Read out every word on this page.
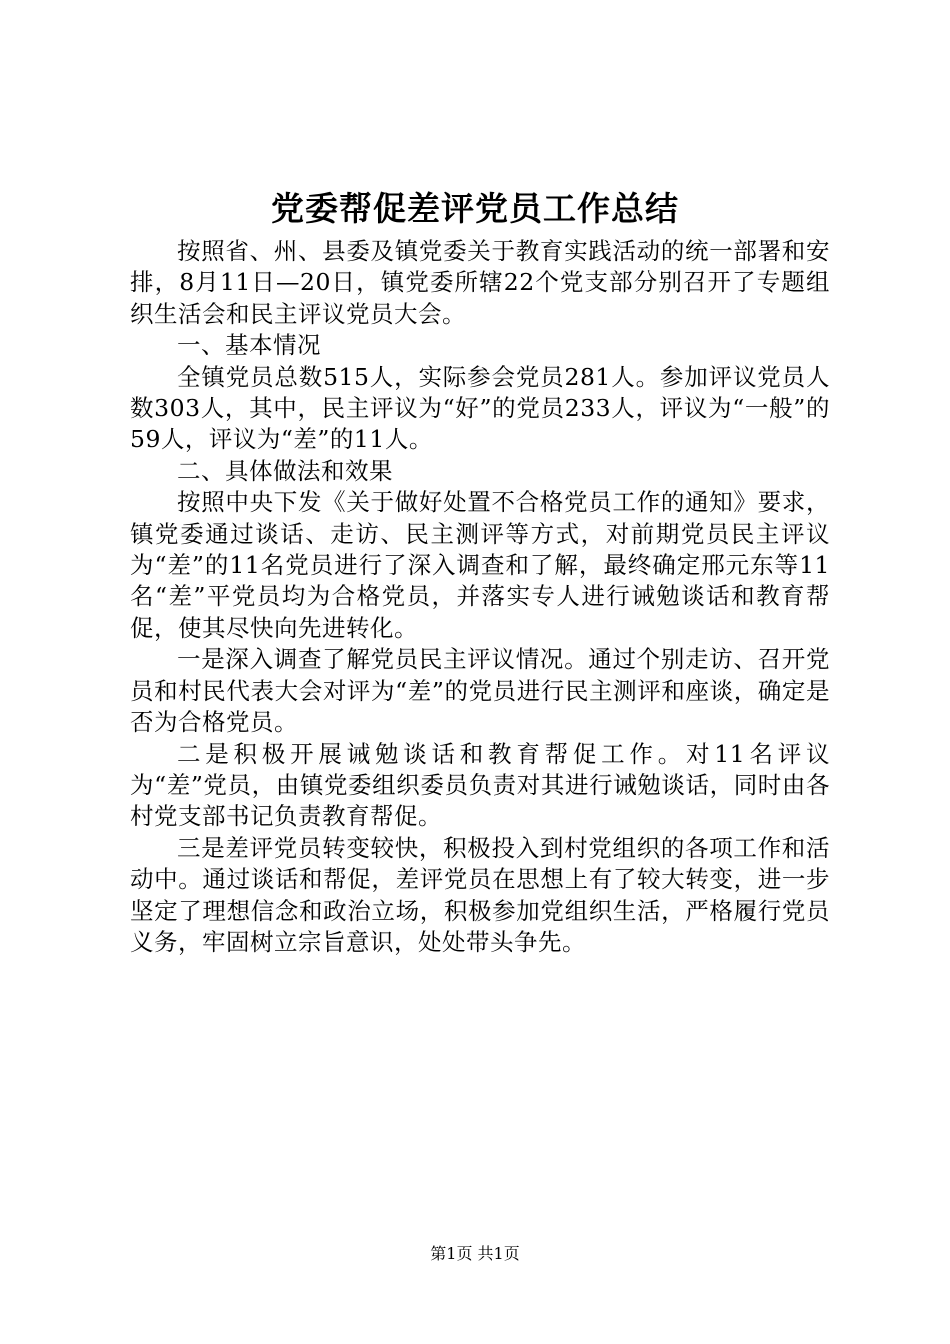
党委帮促差评党员工作总结

按照省、州、县委及镇党委关于教育实践活动的统一部署和安排，8月11日—20日，镇党委所辖22个党支部分别召开了专题组织生活会和民主评议党员大会。

一、基本情况

全镇党员总数515人，实际参会党员281人。参加评议党员人数303人，其中，民主评议为“好”的党员233人，评议为“一般”的59人，评议为“差”的11人。

二、具体做法和效果

按照中央下发《关于做好处置不合格党员工作的通知》要求，镇党委通过谈话、走访、民主测评等方式，对前期党员民主评议为“差”的11名党员进行了深入调查和了解，最终确定邢元东等11名“差”平党员均为合格党员，并落实专人进行诫勉谈话和教育帮促，使其尽快向先进转化。

一是深入调查了解党员民主评议情况。通过个别走访、召开党员和村民代表大会对评为“差”的党员进行民主测评和座谈，确定是否为合格党员。

二是积极开展诫勉谈话和教育帮促工作。对11名评议为“差”党员，由镇党委组织委员负责对其进行诫勉谈话，同时由各村党支部书记负责教育帮促。

三是差评党员转变较快，积极投入到村党组织的各项工作和活动中。通过谈话和帮促，差评党员在思想上有了较大转变，进一步坚定了理想信念和政治立场，积极参加党组织生活，严格履行党员义务，牢固树立宗旨意识，处处带头争先。

第1页 共1页
